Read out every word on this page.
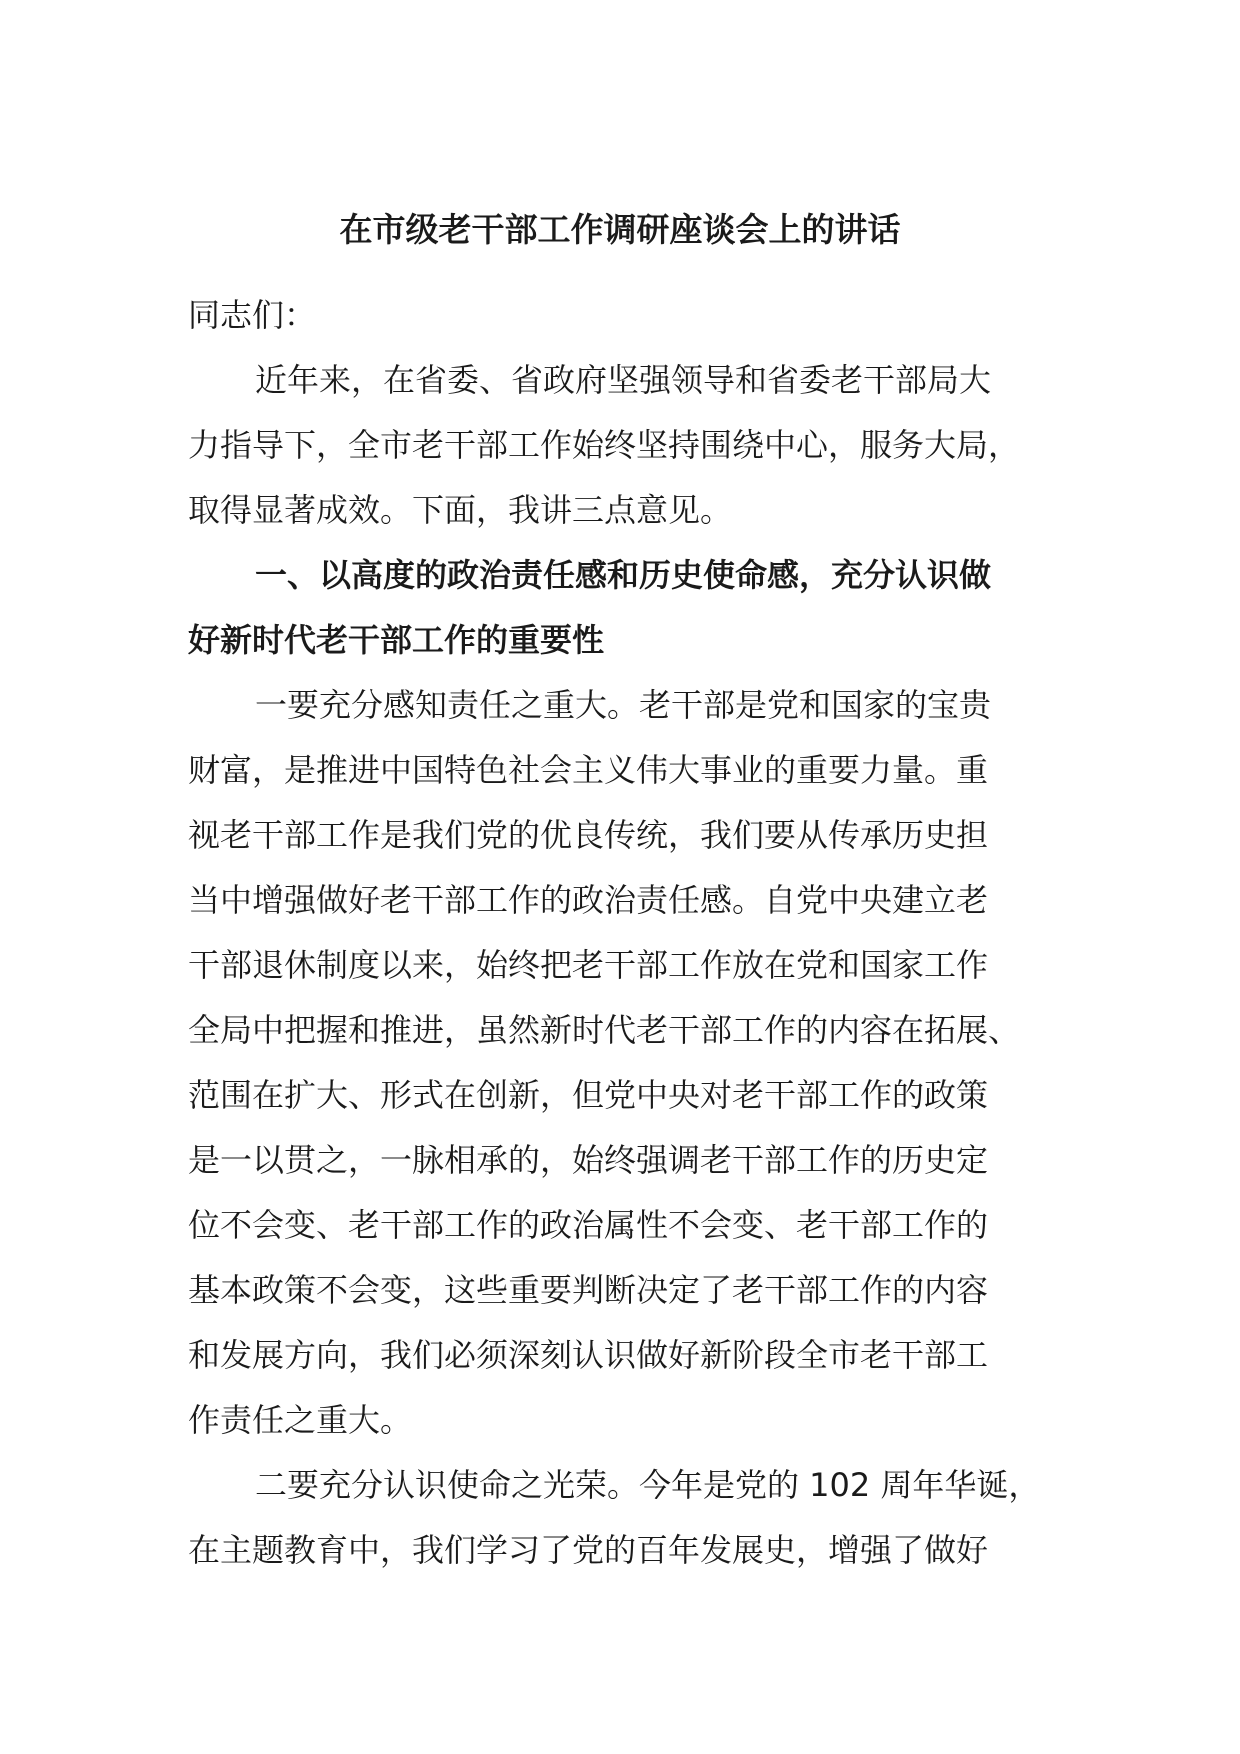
在市级老干部工作调研座谈会上的讲话

同志们：

近年来，在省委、省政府坚强领导和省委老干部局大
力指导下，全市老干部工作始终坚持围绕中心，服务大局，
取得显著成效。下面，我讲三点意见。

一、以高度的政治责任感和历史使命感，充分认识做
好新时代老干部工作的重要性

一要充分感知责任之重大。老干部是党和国家的宝贵
财富，是推进中国特色社会主义伟大事业的重要力量。重
视老干部工作是我们党的优良传统，我们要从传承历史担
当中增强做好老干部工作的政治责任感。自党中央建立老
干部退休制度以来，始终把老干部工作放在党和国家工作
全局中把握和推进，虽然新时代老干部工作的内容在拓展、
范围在扩大、形式在创新，但党中央对老干部工作的政策
是一以贯之，一脉相承的，始终强调老干部工作的历史定
位不会变、老干部工作的政治属性不会变、老干部工作的
基本政策不会变，这些重要判断决定了老干部工作的内容
和发展方向，我们必须深刻认识做好新阶段全市老干部工
作责任之重大。

二要充分认识使命之光荣。今年是党的 102 周年华诞，
在主题教育中，我们学习了党的百年发展史，增强了做好
